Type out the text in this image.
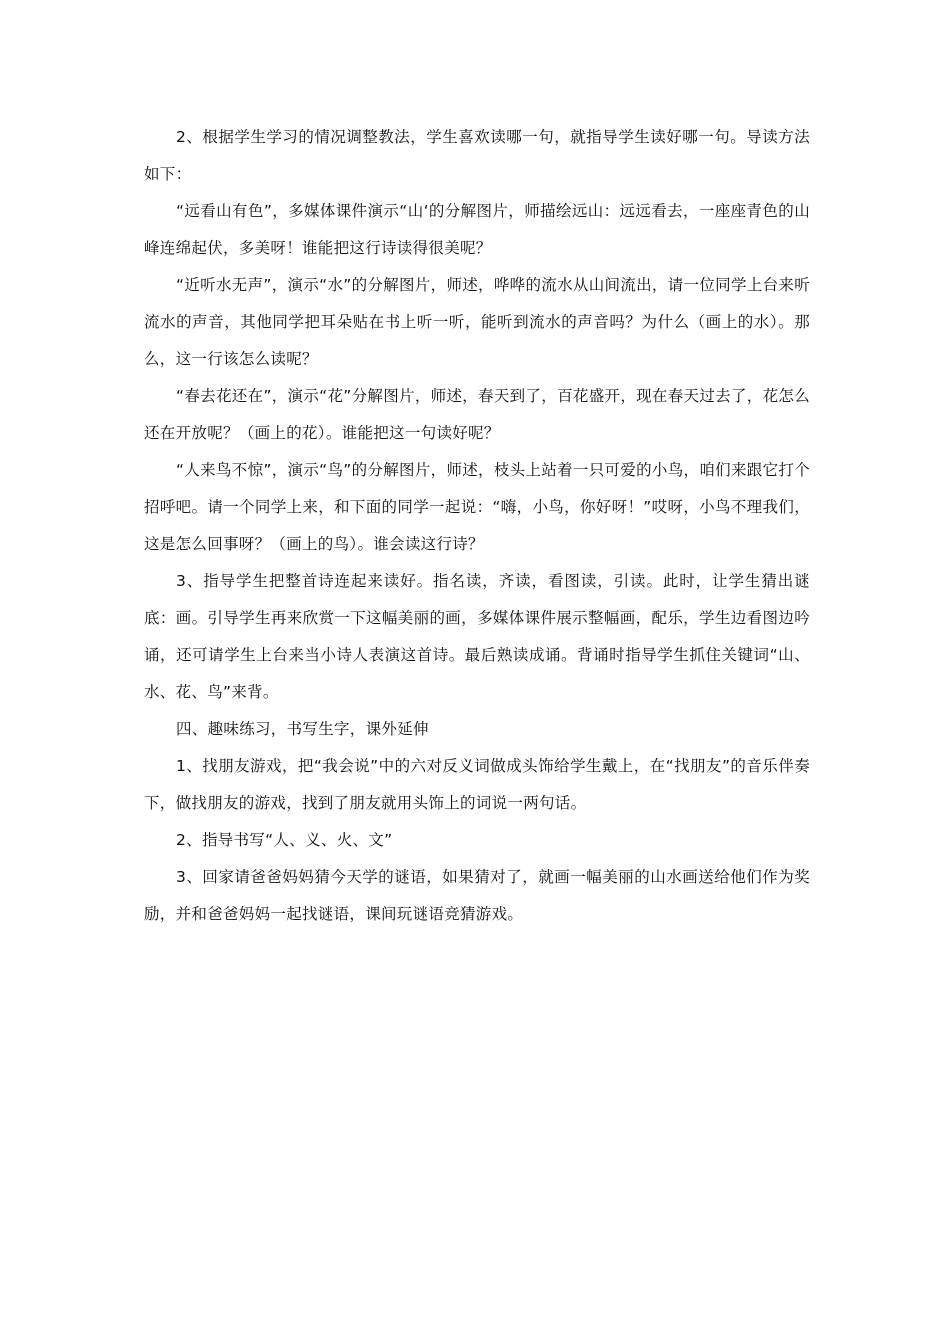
2、根据学生学习的情况调整教法，学生喜欢读哪一句，就指导学生读好哪一句。导读方法如下：

“远看山有色”，多媒体课件演示“山‘的分解图片，师描绘远山：远远看去，一座座青色的山峰连绵起伏，多美呀！谁能把这行诗读得很美呢？

“近听水无声”，演示“水”的分解图片，师述，哗哗的流水从山间流出，请一位同学上台来听流水的声音，其他同学把耳朵贴在书上听一听，能听到流水的声音吗？为什么（画上的水）。那么，这一行该怎么读呢？

“春去花还在”，演示“花”分解图片，师述，春天到了，百花盛开，现在春天过去了，花怎么还在开放呢？（画上的花）。谁能把这一句读好呢？

“人来鸟不惊”，演示“鸟”的分解图片，师述，枝头上站着一只可爱的小鸟，咱们来跟它打个招呼吧。请一个同学上来，和下面的同学一起说：“嗨，小鸟，你好呀！”哎呀，小鸟不理我们，这是怎么回事呀？（画上的鸟）。谁会读这行诗？

3、指导学生把整首诗连起来读好。指名读，齐读，看图读，引读。此时，让学生猜出谜底：画。引导学生再来欣赏一下这幅美丽的画，多媒体课件展示整幅画，配乐，学生边看图边吟诵，还可请学生上台来当小诗人表演这首诗。最后熟读成诵。背诵时指导学生抓住关键词“山、水、花、鸟”来背。

四、趣味练习，书写生字，课外延伸

1、找朋友游戏，把“我会说”中的六对反义词做成头饰给学生戴上，在“找朋友”的音乐伴奏下，做找朋友的游戏，找到了朋友就用头饰上的词说一两句话。

2、指导书写“人、义、火、文”

3、回家请爸爸妈妈猜今天学的谜语，如果猜对了，就画一幅美丽的山水画送给他们作为奖励，并和爸爸妈妈一起找谜语，课间玩谜语竞猜游戏。
